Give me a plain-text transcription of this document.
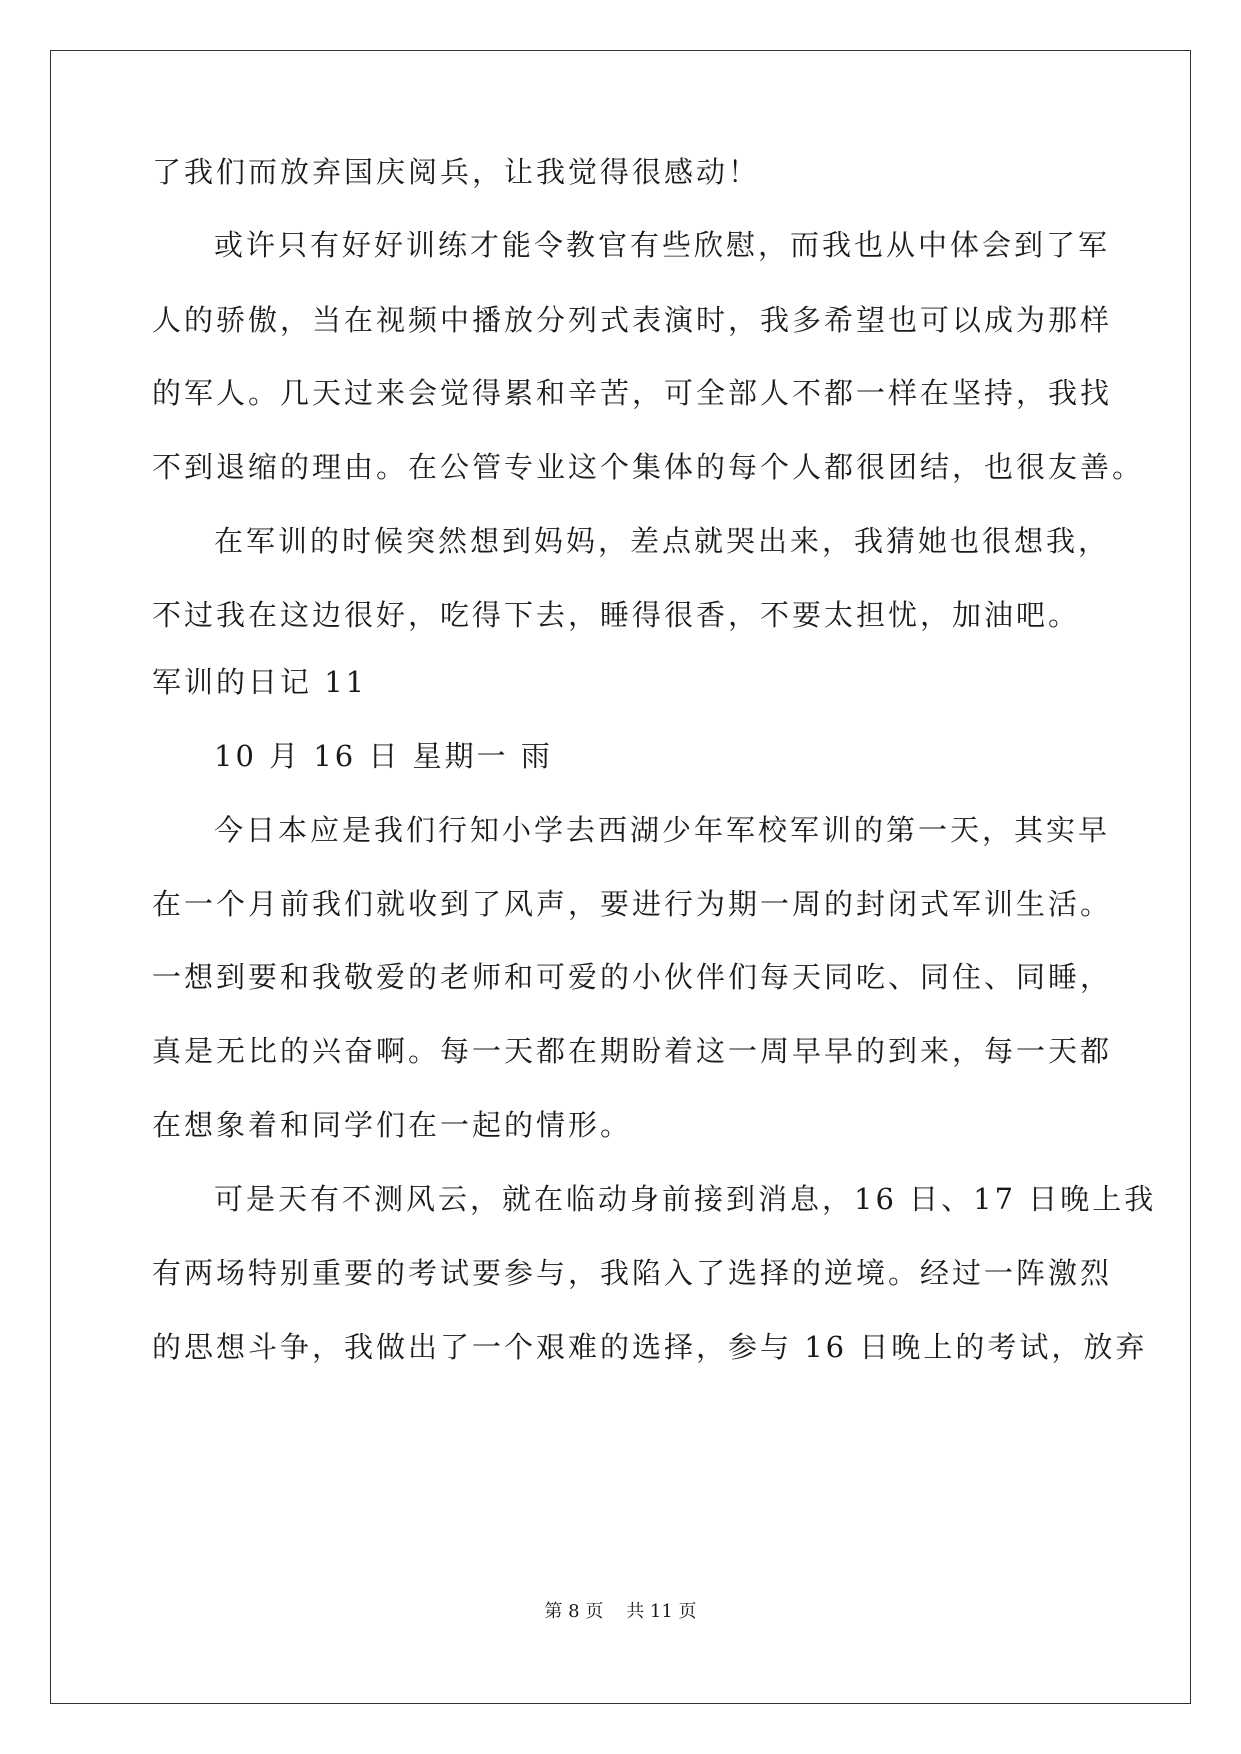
了我们而放弃国庆阅兵，让我觉得很感动！
或许只有好好训练才能令教官有些欣慰，而我也从中体会到了军
人的骄傲，当在视频中播放分列式表演时，我多希望也可以成为那样
的军人。几天过来会觉得累和辛苦，可全部人不都一样在坚持，我找
不到退缩的理由。在公管专业这个集体的每个人都很团结，也很友善。
在军训的时候突然想到妈妈，差点就哭出来，我猜她也很想我，
不过我在这边很好，吃得下去，睡得很香，不要太担忧，加油吧。
军训的日记 11
10 月 16 日 星期一 雨
今日本应是我们行知小学去西湖少年军校军训的第一天，其实早
在一个月前我们就收到了风声，要进行为期一周的封闭式军训生活。
一想到要和我敬爱的老师和可爱的小伙伴们每天同吃、同住、同睡，
真是无比的兴奋啊。每一天都在期盼着这一周早早的到来，每一天都
在想象着和同学们在一起的情形。
可是天有不测风云，就在临动身前接到消息，16 日、17 日晚上我
有两场特别重要的考试要参与，我陷入了选择的逆境。经过一阵激烈
的思想斗争，我做出了一个艰难的选择，参与 16 日晚上的考试，放弃
第 8 页    共 11 页
